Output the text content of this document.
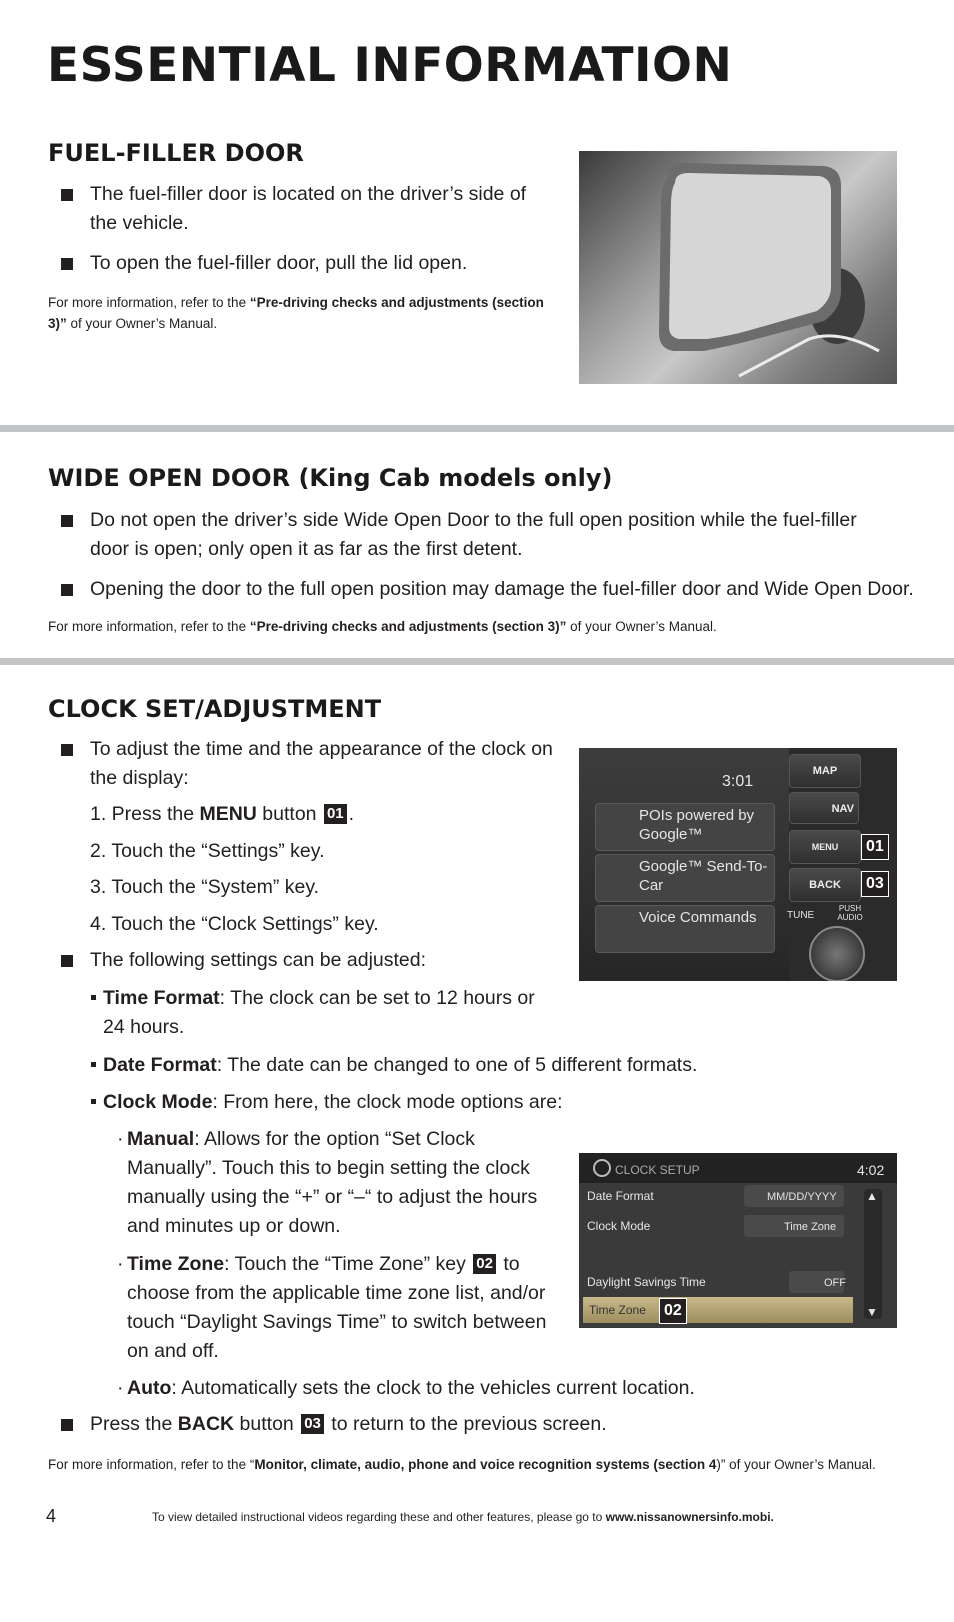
ESSENTIAL INFORMATION
FUEL-FILLER DOOR
The fuel-filler door is located on the driver’s side of the vehicle.
To open the fuel-filler door, pull the lid open.
For more information, refer to the “Pre-driving checks and adjustments (section 3)” of your Owner’s Manual.
WIDE OPEN DOOR (King Cab models only)
Do not open the driver’s side Wide Open Door to the full open position while the fuel-filler door is open; only open it as far as the first detent.
Opening the door to the full open position may damage the fuel-filler door and Wide Open Door.
For more information, refer to the “Pre-driving checks and adjustments (section 3)” of your Owner’s Manual.
CLOCK SET/ADJUSTMENT
To adjust the time and the appearance of the clock on the display:
1. Press the MENU button 01 .
2. Touch the “Settings” key.
3. Touch the “System” key.
4. Touch the “Clock Settings” key.
The following settings can be adjusted:
Time Format: The clock can be set to 12 hours or 24 hours.
Date Format: The date can be changed to one of 5 different formats.
Clock Mode: From here, the clock mode options are:
· Manual: Allows for the option “Set Clock Manually”. Touch this to begin setting the clock manually using the “+” or “–“ to adjust the hours and minutes up or down.
· Time Zone: Touch the “Time Zone” key 02 to choose from the applicable time zone list, and/or touch “Daylight Savings Time” to switch between on and off.
· Auto: Automatically sets the clock to the vehicles current location.
Press the BACK button 03 to return to the previous screen.
For more information, refer to the “Monitor, climate, audio, phone and voice recognition systems (section 4)” of your Owner’s Manual.
3:01
POIs powered by Google™
Google™ Send-To-Car
Voice Commands
MAP
NAV
MENU
BACK
TUNE
PUSH AUDIO
01
03
CLOCK SETUP	4:02
Date Format	MM/DD/YYYY
Clock Mode	Time Zone
Daylight Savings Time	OFF
Time Zone	02
▲
▼
4	To view detailed instructional videos regarding these and other features, please go to www.nissanownersinfo.mobi.
